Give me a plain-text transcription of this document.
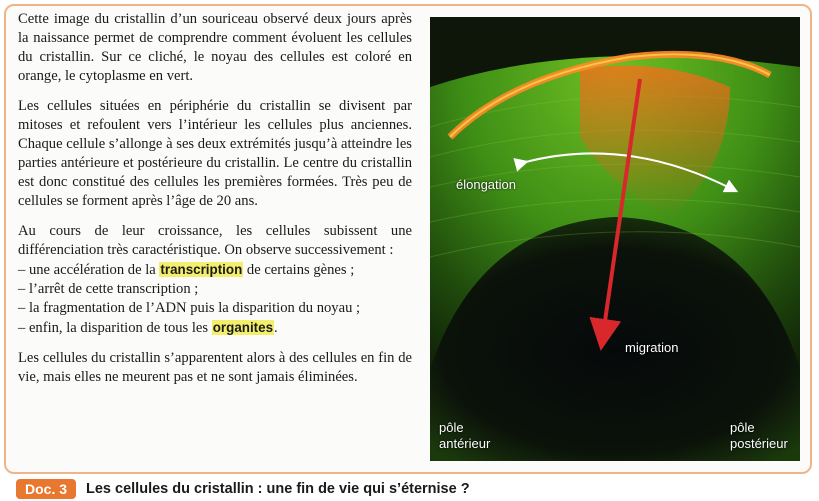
Cette image du cristallin d’un souriceau observé deux jours après la naissance permet de comprendre comment évoluent les cellules du cristallin. Sur ce cliché, le noyau des cellules est coloré en orange, le cytoplasme en vert.

Les cellules situées en périphérie du cristallin se divisent par mitoses et refoulent vers l’intérieur les cellules plus anciennes. Chaque cellule s’allonge à ses deux extrémités jusqu’à atteindre les parties antérieure et postérieure du cristallin. Le centre du cristallin est donc constitué des cellules les premières formées. Très peu de cellules se forment après l’âge de 20 ans.

Au cours de leur croissance, les cellules subissent une différenciation très caractéristique. On observe successivement :

– une accélération de la transcription de certains gènes ;
– l’arrêt de cette transcription ;
– la fragmentation de l’ADN puis la disparition du noyau ;
– enfin, la disparition de tous les organites.

Les cellules du cristallin s’apparentent alors à des cellules en fin de vie, mais elles ne meurent pas et ne sont jamais éliminées.

élongation
migration
pôle
antérieur
pôle
postérieur
Doc. 3	Les cellules du cristallin : une fin de vie qui s’éternise ?
